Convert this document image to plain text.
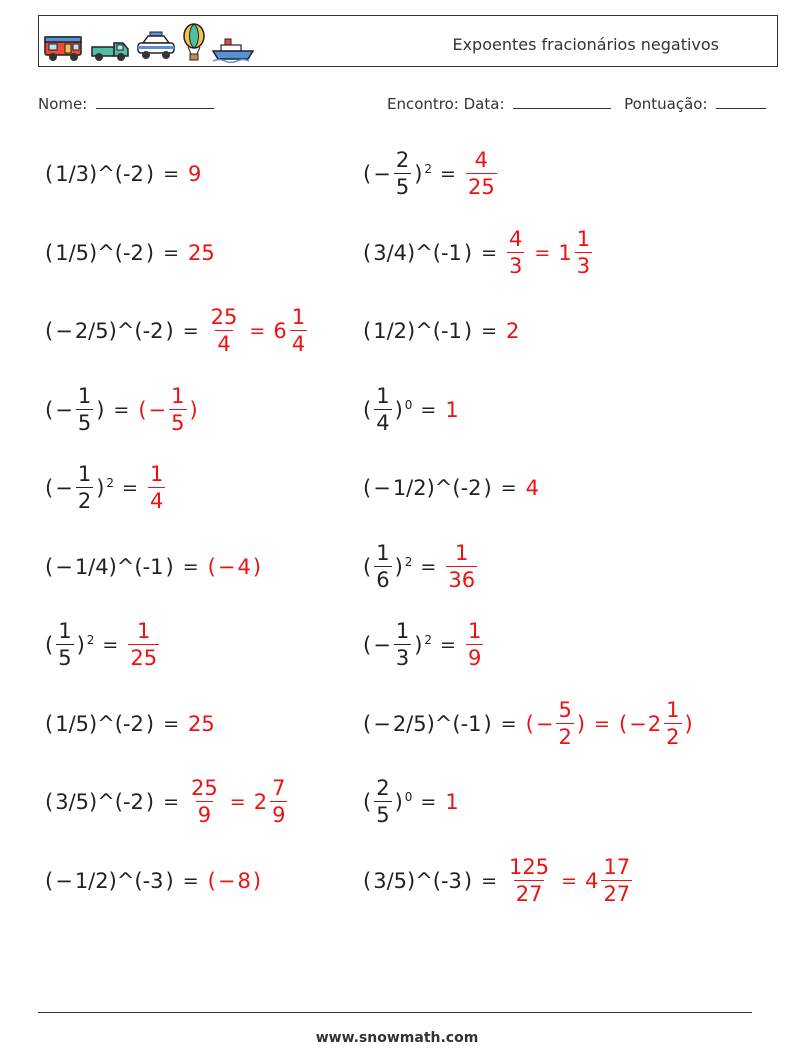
Expoentes fracionários negativos
Nome:	Encontro: Data:	Pontuação:
( 1/3)^(-2 ) = 9	( − $\frac{2}{5}$ ) $2 = \frac{4}{25}$
( 1/5)^(-2 ) = 25	( 3/4)^(-1 ) = $\frac{4}{3} = 1 \frac{1}{3}$
( − 2/5)^(-2 ) = $\frac{25}{4} = 6 \frac{1}{4}$	( 1/2)^(-1 ) = 2
( − $\frac{1}{5}$ ) = ( − $\frac{1}{5}$ )	( $\frac{1}{4}$ ) 0 = 1
( − $\frac{1}{2}$ ) $2 = \frac{1}{4}$	( − 1/2)^(-2 ) = 4
( − 1/4)^(-1 ) = ( − 4 )	( $\frac{1}{6}$ ) $2 = \frac{1}{36}$
( $\frac{1}{5}$ ) $2 = \frac{1}{25}$	( − $\frac{1}{3}$ ) $2 = \frac{1}{9}$
( 1/5)^(-2 ) = 25	( − 2/5)^(-1 ) = ( − $\frac{5}{2}$ ) = ( − $2 \frac{1}{2}$ )
( 3/5)^(-2 ) = $\frac{25}{9} = 2 \frac{7}{9}$	( $\frac{2}{5}$ ) 0 = 1
( − 1/2)^(-3 ) = ( − 8 )	( 3/5)^(-3 ) = $\frac{125}{27} = 4 \frac{17}{27}$
www.snowmath.com
